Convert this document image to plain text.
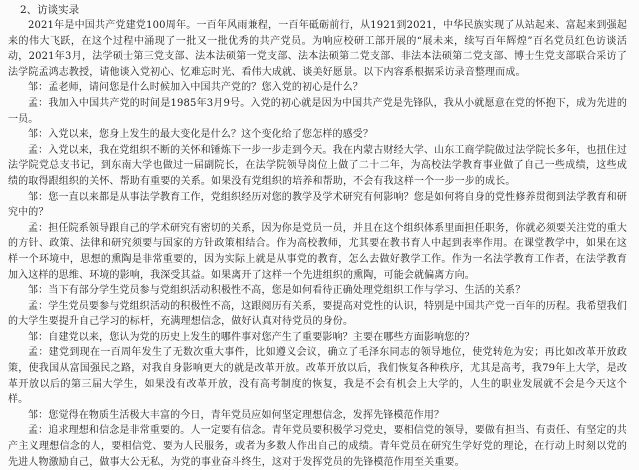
2、访谈实录

2021年是中国共产党建党100周年。一百年风雨兼程，一百年砥砺前行，从1921到2021，中华民族实现了从站起来、富起来到强起来的伟大飞跃，在这个过程中涌现了一批又一批优秀的共产党员。为响应校研工部开展的“展未来，续写百年辉煌”百名党员红色访谈活动，2021年3月，法学硕士第三党支部、法本法硕第一党支部、法本法硕第二党支部、非法本法硕第二党支部、博士生党支部联合采访了法学院孟鸿志教授，请他谈入党初心、忆难忘时光、看伟大成就、谈美好愿景。以下内容系根据采访录音整理而成。

邹：孟老师，请问您是什么时候加入中国共产党的？您入党的初心是什么？

孟：我加入中国共产党的时间是1985年3月9号。入党的初心就是因为中国共产党是先锋队，我从小就愿意在党的怀抱下，成为先进的一员。

邹：入党以来，您身上发生的最大变化是什么？这个变化给了您怎样的感受？

孟：入党以来，我在党组织不断的关怀和锤炼下一步一步走到今天。我在内蒙古财经大学、山东工商学院做过法学院长多年，也扭住过法学院党总支书记，到东南大学也做过一届副院长，在法学院领导岗位上做了二十二年，为高校法学教育事业做了自己一些成绩，这些成绩的取得跟组织的关怀、帮助有重要的关系。如果没有党组织的培养和帮助，不会有我这样一个一步一步的成长。

邹：您一直以来都是从事法学教育工作，党组织经历对您的教学及学术研究有何影响？您是如何将自身的党性修养贯彻到法学教育和研究中的？

孟：担任院系领导跟自己的学术研究有密切的关系，因为你是党员一员，并且在这个组织体系里面担任职务，你就必须要关注党的重大的方针、政策、法律和研究须要与国家的方针政策相结合。作为高校教师，尤其要在教书育人中起到表率作用。在课堂教学中，如果在这样一个环境中，思想的熏陶是非常重要的，因为实际上就是从事党的教育，怎么去做好教学工作。作为一名法学教育工作者，在法学教育加入这样的思维、环境的影响，我深受其益。如果离开了这样一个先进组织的熏陶，可能会就偏离方向。

邹：当下有部分学生党员参与党组织活动积极性不高，您是如何看待正确处理党组织工作与学习、生活的关系？

孟：学生党员要参与党组织活动的积极性不高，这跟阅历有关系，要提高对党性的认识，特别是中国共产党一百年的历程。我希望我们的大学生要提升自己学习的标杆，充满理想信念，做好认真对待党员的身份。

邹：自建党以来，您认为党的历史上发生的哪件事对您产生了重要影响？主要在哪些方面影响您的？

孟：建党到现在一百周年发生了无数次重大事件，比如遵义会议，确立了毛泽东同志的领导地位，使党转危为安；再比如改革开放政策，使我国从富国强民之路，对我自身影响更大的就是改革开放。改革开放以后，我们恢复各种秩序，尤其是高考，我79年上大学，是改革开放以后的第三届大学生，如果没有改革开放，没有高考制度的恢复，我是不会有机会上大学的，人生的职业发展就不会是今天这个样。

邹：您觉得在物质生活极大丰富的今日，青年党员应如何坚定理想信念，发挥先锋模范作用？

孟：追求理想和信念是非常重要的。人一定要有信念。青年党员要积极学习党史，要相信党的领导，要做有担当、有责任、有坚定的共产主义理想信念的人，要相信党、要为人民服务，或者为多数人作出自己的成绩。青年党员在研究生学好党的理论，在行动上时刻以党的先进人物激励自己，做事大公无私，为党的事业奋斗终生，这对于发挥党员的先锋模范作用至关重要。
